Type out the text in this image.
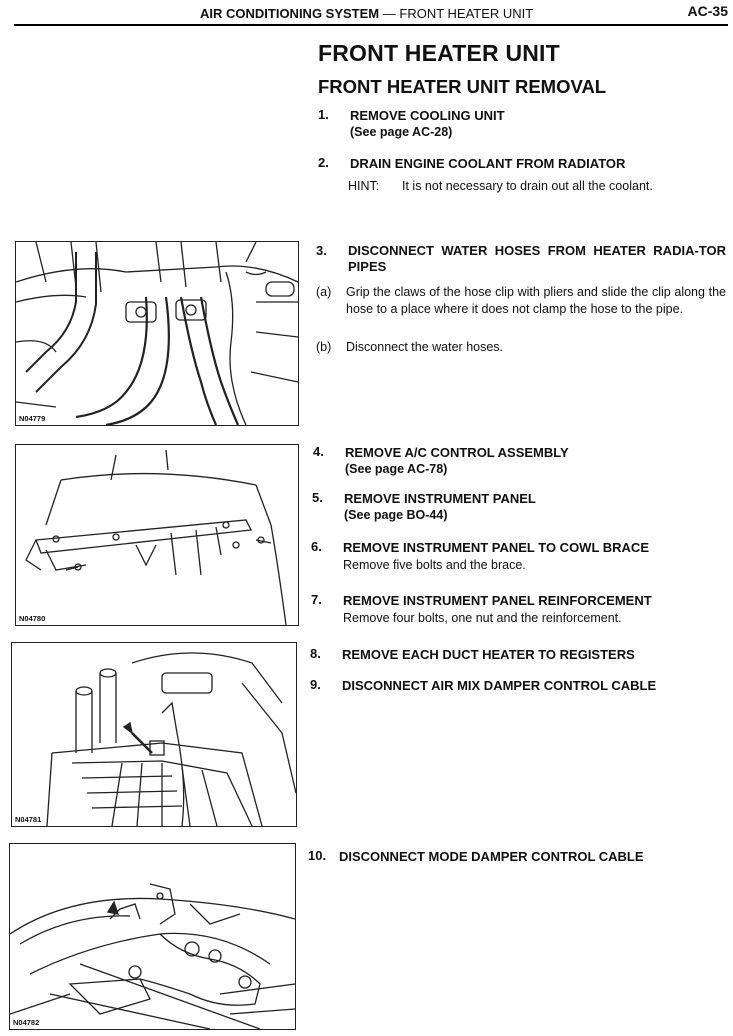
AIR CONDITIONING SYSTEM — FRONT HEATER UNIT	AC-35
FRONT HEATER UNIT
FRONT HEATER UNIT REMOVAL
1. REMOVE COOLING UNIT
(See page AC-28)
2. DRAIN ENGINE COOLANT FROM RADIATOR
HINT: It is not necessary to drain out all the coolant.
3. DISCONNECT WATER HOSES FROM HEATER RADIA-TOR PIPES
(a) Grip the claws of the hose clip with pliers and slide the clip along the hose to a place where it does not clamp the hose to the pipe.
(b) Disconnect the water hoses.
4. REMOVE A/C CONTROL ASSEMBLY
(See page AC-78)
5. REMOVE INSTRUMENT PANEL
(See page BO-44)
6. REMOVE INSTRUMENT PANEL TO COWL BRACE
Remove five bolts and the brace.
7. REMOVE INSTRUMENT PANEL REINFORCEMENT
Remove four bolts, one nut and the reinforcement.
8. REMOVE EACH DUCT HEATER TO REGISTERS
9. DISCONNECT AIR MIX DAMPER CONTROL CABLE
10. DISCONNECT MODE DAMPER CONTROL CABLE
N04779
N04780
N04781
N04782
